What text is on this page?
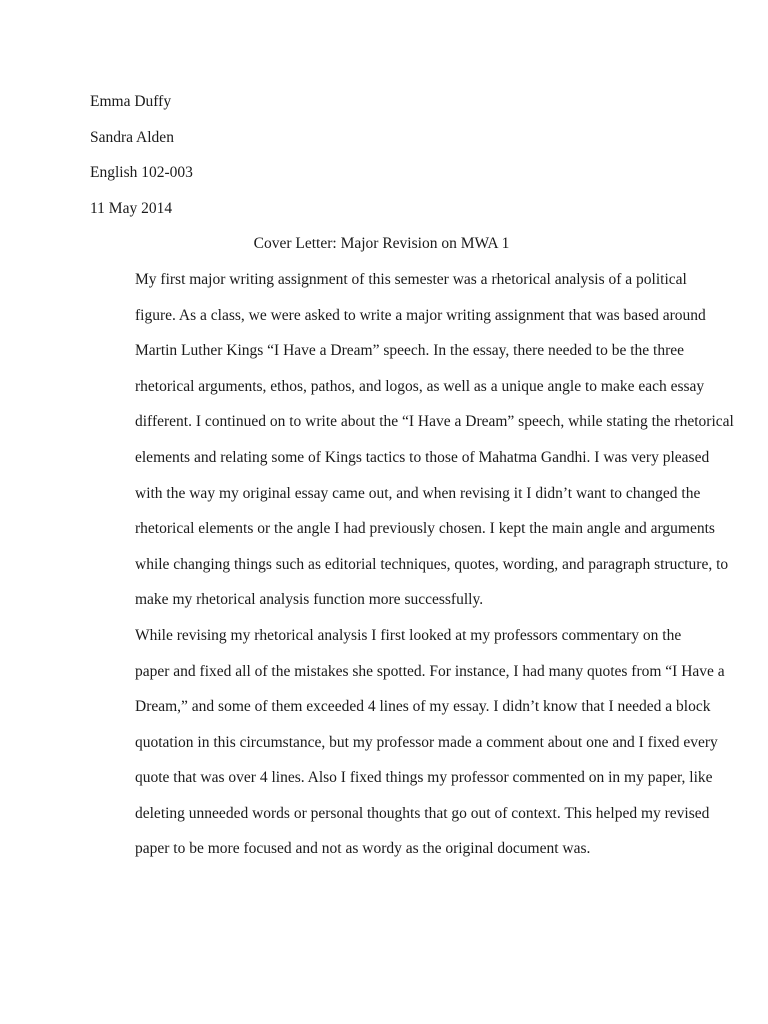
Emma Duffy

Sandra Alden

English 102-003

11 May 2014

Cover Letter: Major Revision on MWA 1

My first major writing assignment of this semester was a rhetorical analysis of a political
figure. As a class, we were asked to write a major writing assignment that was based around
Martin Luther Kings “I Have a Dream” speech. In the essay, there needed to be the three
rhetorical arguments, ethos, pathos, and logos, as well as a unique angle to make each essay
different. I continued on to write about the “I Have a Dream” speech, while stating the rhetorical
elements and relating some of Kings tactics to those of Mahatma Gandhi. I was very pleased
with the way my original essay came out, and when revising it I didn’t want to changed the
rhetorical elements or the angle I had previously chosen. I kept the main angle and arguments
while changing things such as editorial techniques, quotes, wording, and paragraph structure, to
make my rhetorical analysis function more successfully.

While revising my rhetorical analysis I first looked at my professors commentary on the
paper and fixed all of the mistakes she spotted. For instance, I had many quotes from “I Have a
Dream,” and some of them exceeded 4 lines of my essay. I didn’t know that I needed a block
quotation in this circumstance, but my professor made a comment about one and I fixed every
quote that was over 4 lines. Also I fixed things my professor commented on in my paper, like
deleting unneeded words or personal thoughts that go out of context. This helped my revised
paper to be more focused and not as wordy as the original document was.
